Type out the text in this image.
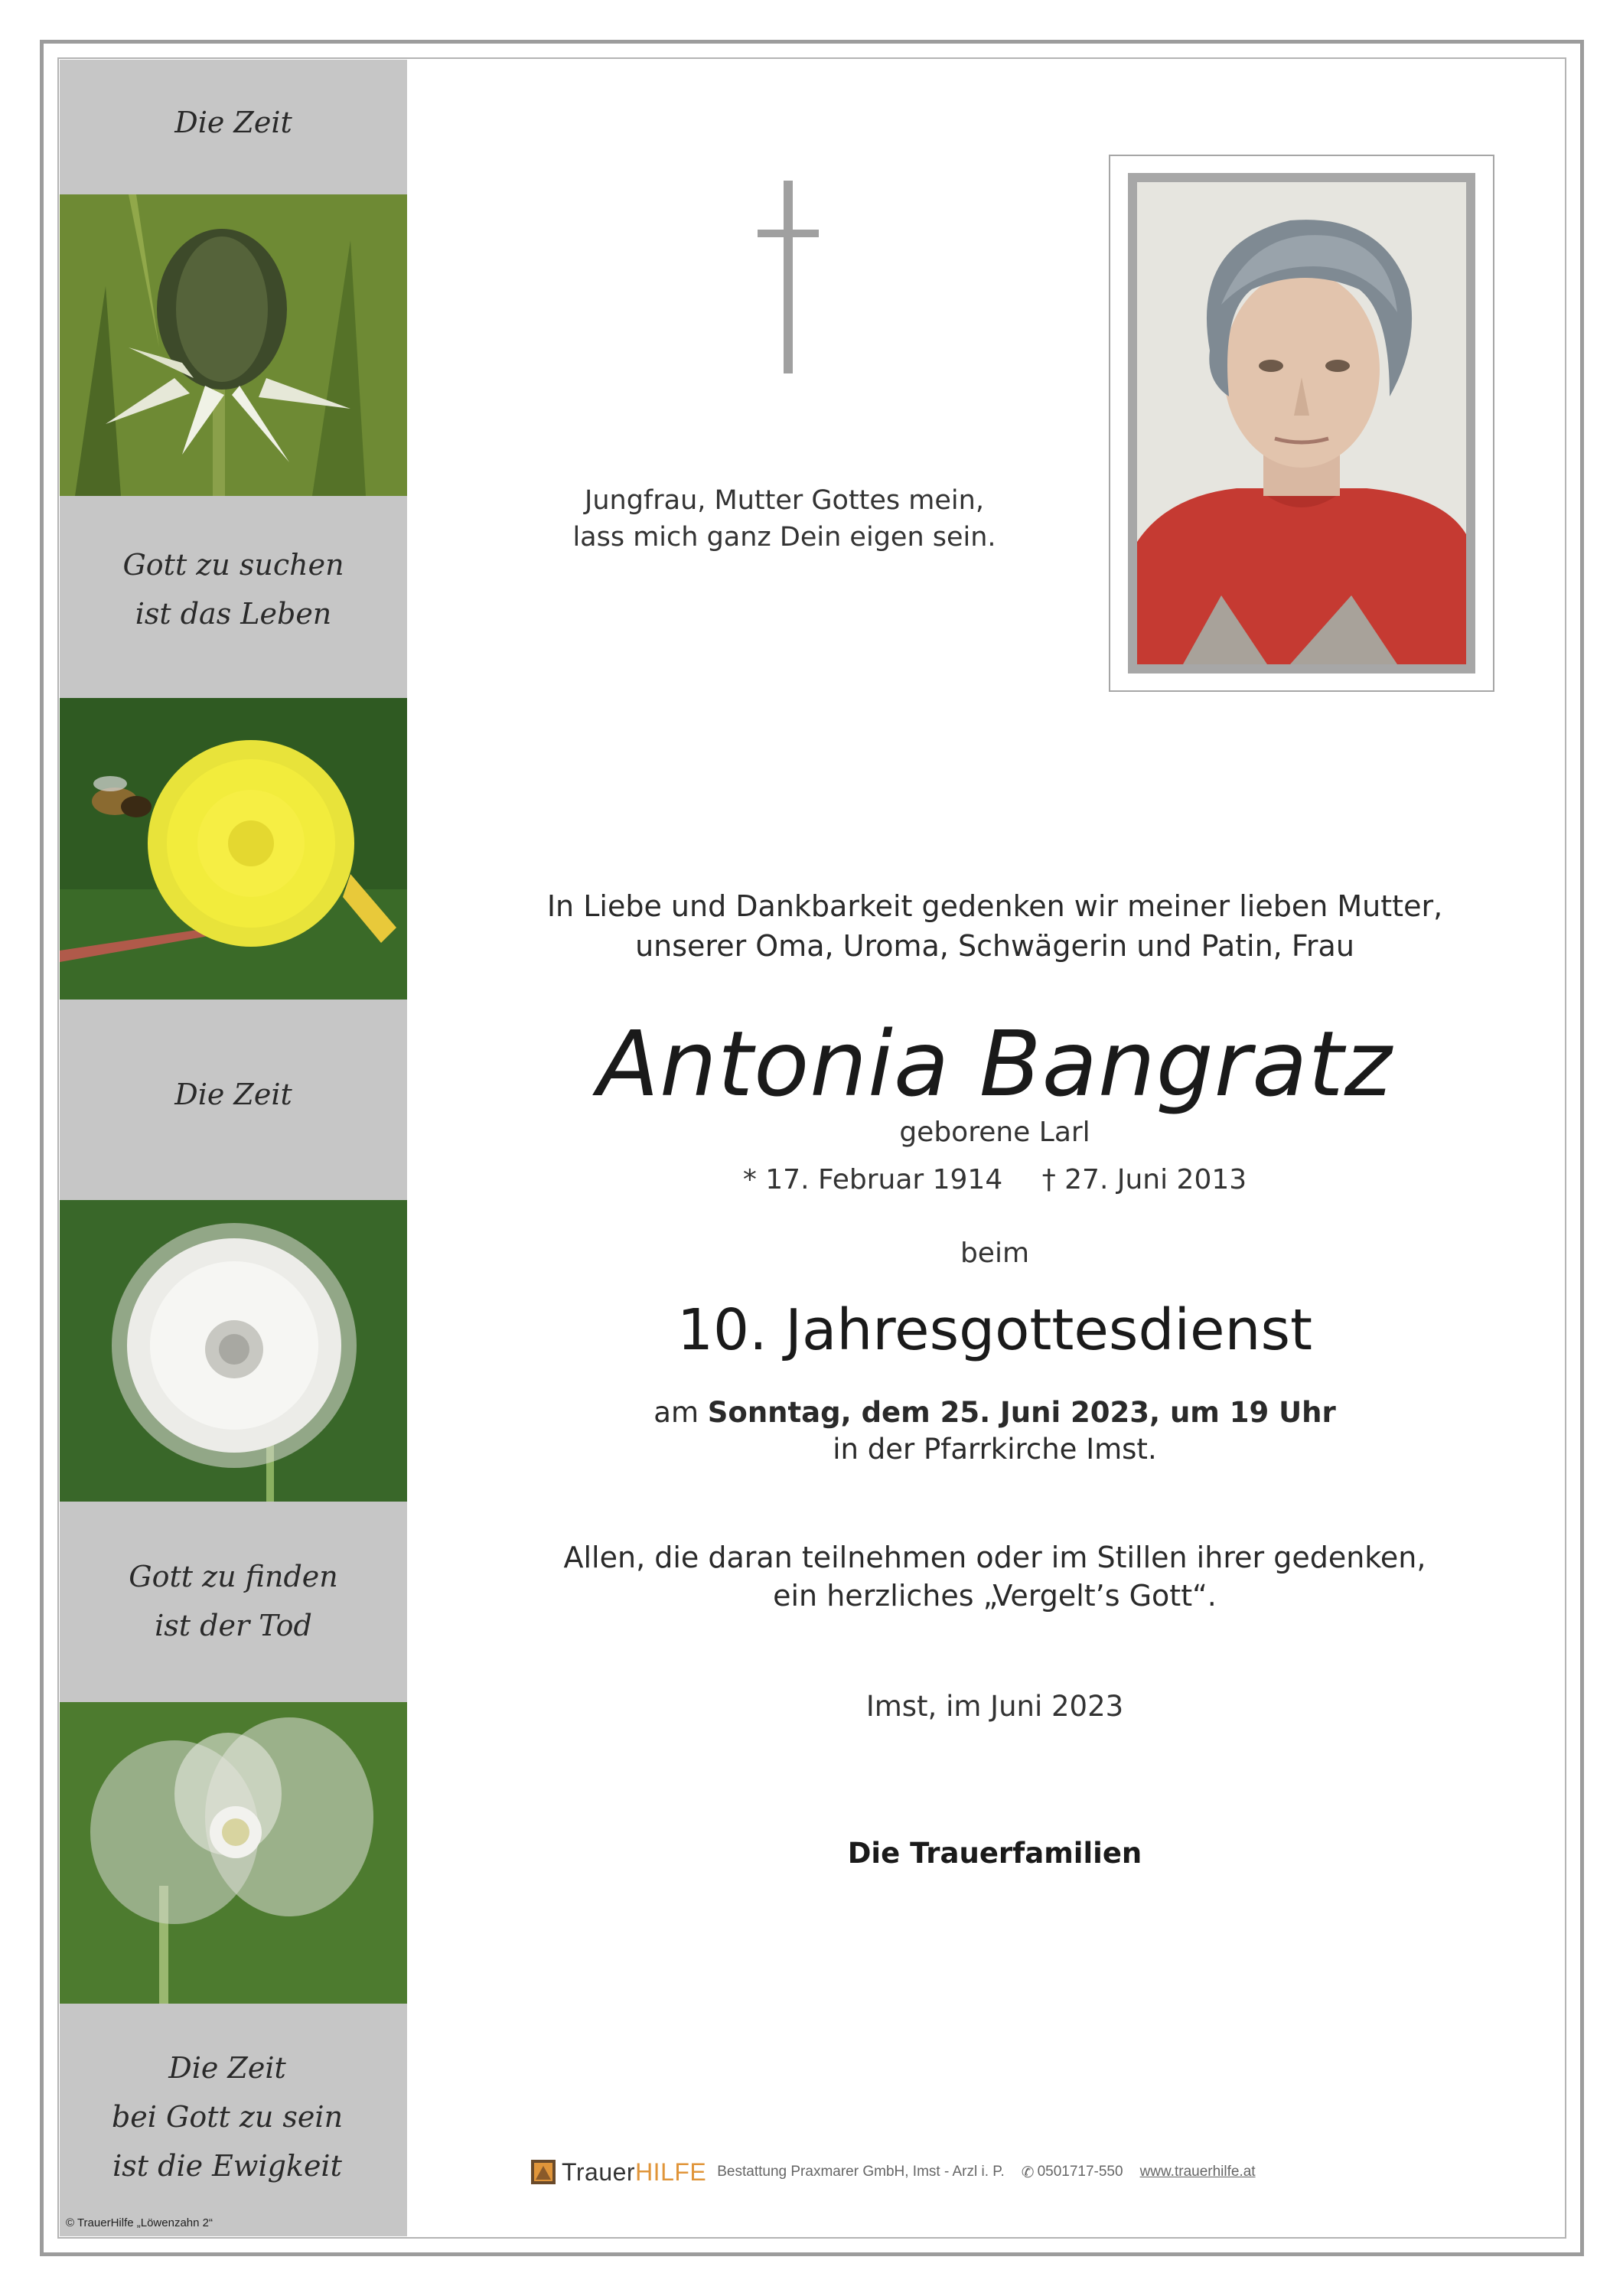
Die Zeit
Gott zu suchen
ist das Leben
Die Zeit
Gott zu finden
ist der Tod
Die Zeit
bei Gott zu sein
ist die Ewigkeit
© TrauerHilfe „Löwenzahn 2“
Jungfrau, Mutter Gottes mein,
lass mich ganz Dein eigen sein.
In Liebe und Dankbarkeit gedenken wir meiner lieben Mutter,
unserer Oma, Uroma, Schwägerin und Patin, Frau
Antonia Bangratz
geborene Larl
* 17. Februar 1914 † 27. Juni 2013
beim
10. Jahresgottesdienst
am Sonntag, dem 25. Juni 2023, um 19 Uhr
in der Pfarrkirche Imst.
Allen, die daran teilnehmen oder im Stillen ihrer gedenken,
ein herzliches „Vergelt’s Gott“.
Imst, im Juni 2023
Die Trauerfamilien
Trauer HILFE Bestattung Praxmarer GmbH, Imst - Arzl i. P. ✆ 0501717-550 www.trauerhilfe.at
